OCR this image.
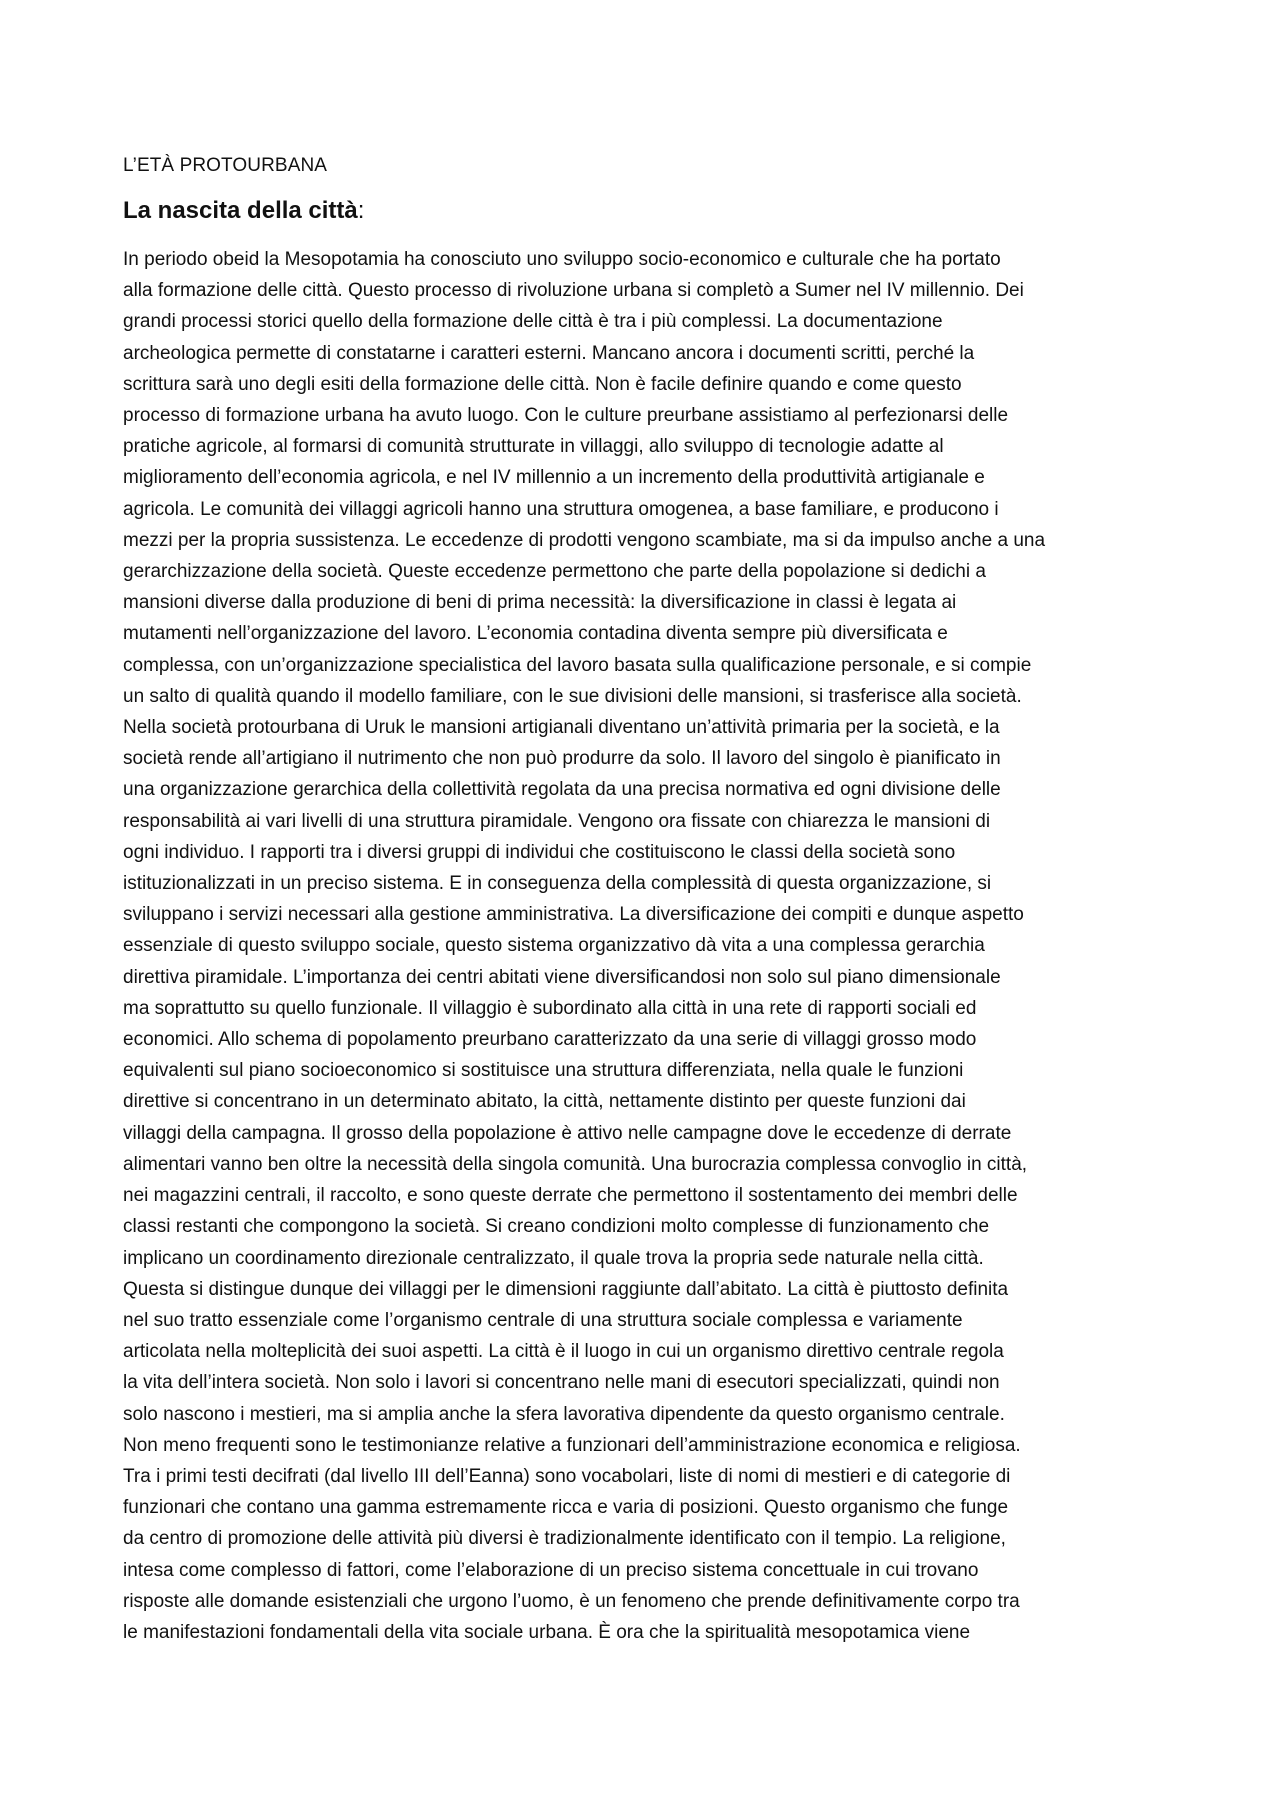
L’ETÀ PROTOURBANA
La nascita della città:
In periodo obeid la Mesopotamia ha conosciuto uno sviluppo socio-economico e culturale che ha portato
alla formazione delle città. Questo processo di rivoluzione urbana si completò a Sumer nel IV millennio. Dei
grandi processi storici quello della formazione delle città è tra i più complessi. La documentazione
archeologica permette di constatarne i caratteri esterni. Mancano ancora i documenti scritti, perché la
scrittura sarà uno degli esiti della formazione delle città. Non è facile definire quando e come questo
processo di formazione urbana ha avuto luogo. Con le culture preurbane assistiamo al perfezionarsi delle
pratiche agricole, al formarsi di comunità strutturate in villaggi, allo sviluppo di tecnologie adatte al
miglioramento dell’economia agricola, e nel IV millennio a un incremento della produttività artigianale e
agricola. Le comunità dei villaggi agricoli hanno una struttura omogenea, a base familiare, e producono i
mezzi per la propria sussistenza. Le eccedenze di prodotti vengono scambiate, ma si da impulso anche a una
gerarchizzazione della società. Queste eccedenze permettono che parte della popolazione si dedichi a
mansioni diverse dalla produzione di beni di prima necessità: la diversificazione in classi è legata ai
mutamenti nell’organizzazione del lavoro. L’economia contadina diventa sempre più diversificata e
complessa, con un’organizzazione specialistica del lavoro basata sulla qualificazione personale, e si compie
un salto di qualità quando il modello familiare, con le sue divisioni delle mansioni, si trasferisce alla società.
Nella società protourbana di Uruk le mansioni artigianali diventano un’attività primaria per la società, e la
società rende all’artigiano il nutrimento che non può produrre da solo. Il lavoro del singolo è pianificato in
una organizzazione gerarchica della collettività regolata da una precisa normativa ed ogni divisione delle
responsabilità ai vari livelli di una struttura piramidale. Vengono ora fissate con chiarezza le mansioni di
ogni individuo. I rapporti tra i diversi gruppi di individui che costituiscono le classi della società sono
istituzionalizzati in un preciso sistema. E in conseguenza della complessità di questa organizzazione, si
sviluppano i servizi necessari alla gestione amministrativa. La diversificazione dei compiti e dunque aspetto
essenziale di questo sviluppo sociale, questo sistema organizzativo dà vita a una complessa gerarchia
direttiva piramidale. L’importanza dei centri abitati viene diversificandosi non solo sul piano dimensionale
ma soprattutto su quello funzionale. Il villaggio è subordinato alla città in una rete di rapporti sociali ed
economici. Allo schema di popolamento preurbano caratterizzato da una serie di villaggi grosso modo
equivalenti sul piano socioeconomico si sostituisce una struttura differenziata, nella quale le funzioni
direttive si concentrano in un determinato abitato, la città, nettamente distinto per queste funzioni dai
villaggi della campagna. Il grosso della popolazione è attivo nelle campagne dove le eccedenze di derrate
alimentari vanno ben oltre la necessità della singola comunità. Una burocrazia complessa convoglio in città,
nei magazzini centrali, il raccolto, e sono queste derrate che permettono il sostentamento dei membri delle
classi restanti che compongono la società. Si creano condizioni molto complesse di funzionamento che
implicano un coordinamento direzionale centralizzato, il quale trova la propria sede naturale nella città.
Questa si distingue dunque dei villaggi per le dimensioni raggiunte dall’abitato. La città è piuttosto definita
nel suo tratto essenziale come l’organismo centrale di una struttura sociale complessa e variamente
articolata nella molteplicità dei suoi aspetti. La città è il luogo in cui un organismo direttivo centrale regola
la vita dell’intera società. Non solo i lavori si concentrano nelle mani di esecutori specializzati, quindi non
solo nascono i mestieri, ma si amplia anche la sfera lavorativa dipendente da questo organismo centrale.
Non meno frequenti sono le testimonianze relative a funzionari dell’amministrazione economica e religiosa.
Tra i primi testi decifrati (dal livello III dell’Eanna) sono vocabolari, liste di nomi di mestieri e di categorie di
funzionari che contano una gamma estremamente ricca e varia di posizioni. Questo organismo che funge
da centro di promozione delle attività più diversi è tradizionalmente identificato con il tempio. La religione,
intesa come complesso di fattori, come l’elaborazione di un preciso sistema concettuale in cui trovano
risposte alle domande esistenziali che urgono l’uomo, è un fenomeno che prende definitivamente corpo tra
le manifestazioni fondamentali della vita sociale urbana. È ora che la spiritualità mesopotamica viene
